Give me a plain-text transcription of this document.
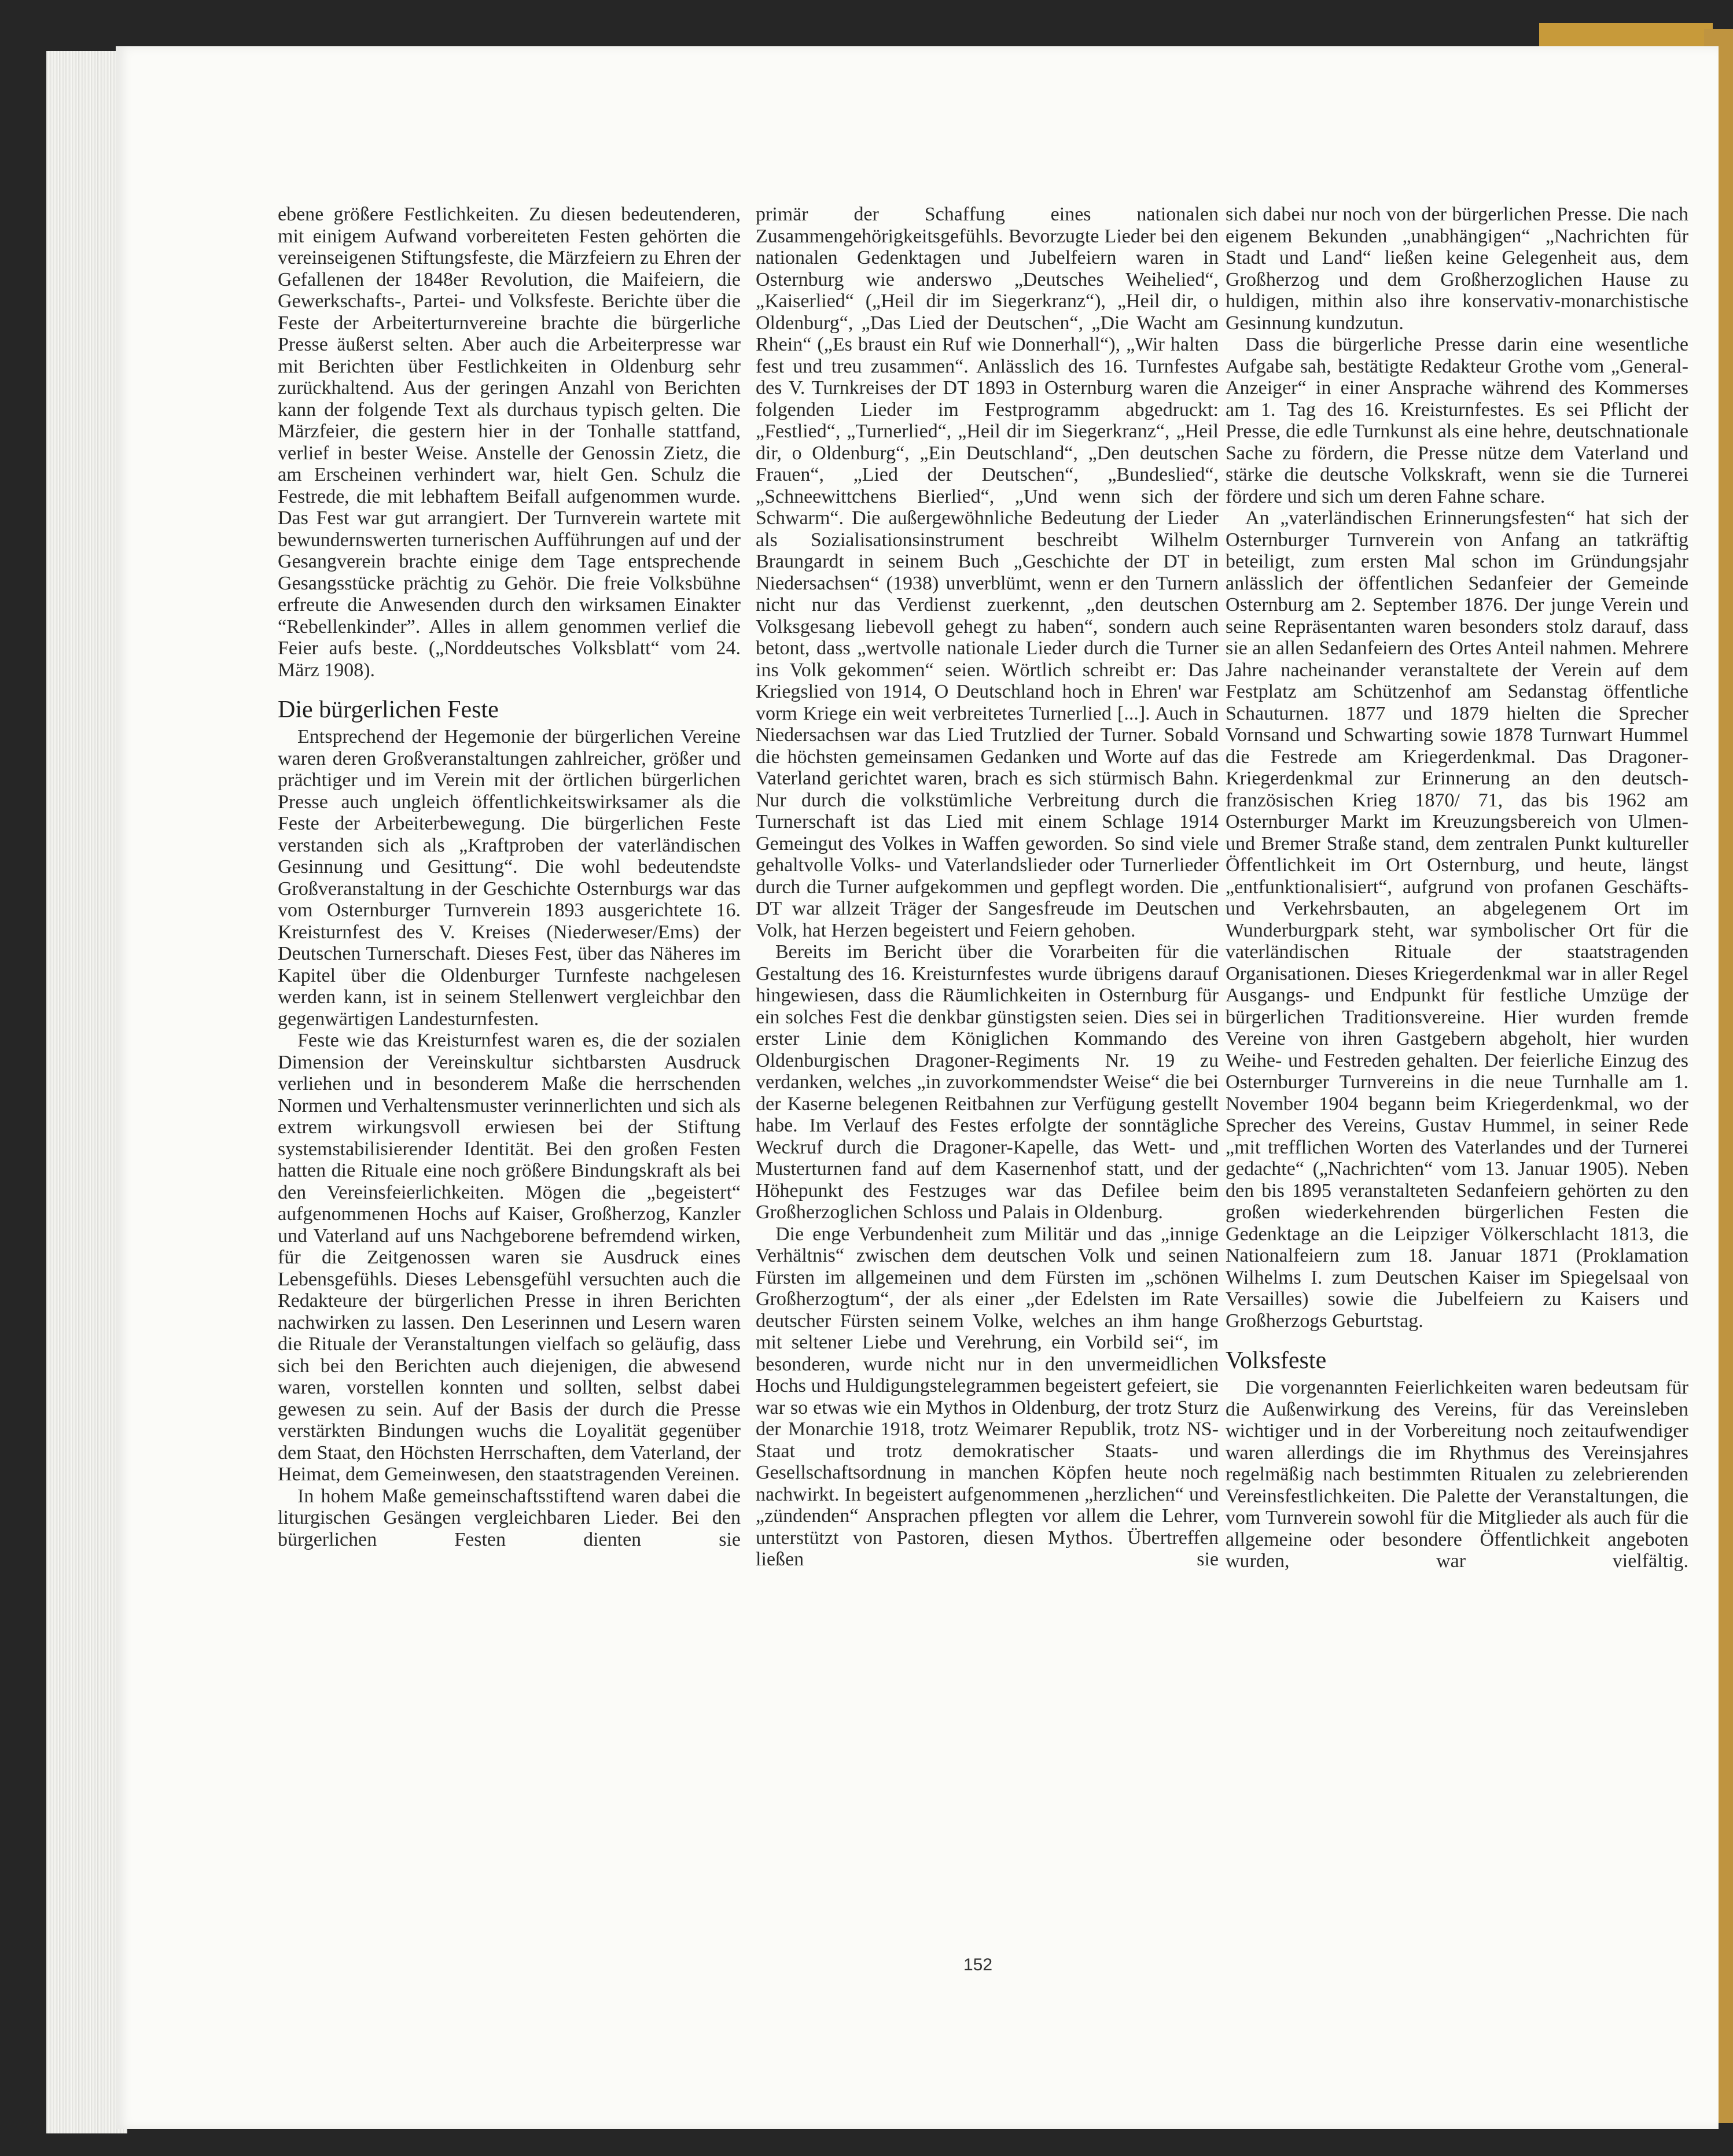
ebene größere Festlichkeiten. Zu diesen bedeutenderen, mit einigem Aufwand vorbereiteten Festen gehörten die vereinseigenen Stiftungsfeste, die Märzfeiern zu Ehren der Gefallenen der 1848er Revolution, die Maifeiern, die Gewerkschafts-, Partei- und Volksfeste. Berichte über die Feste der Arbeiterturnvereine brachte die bürgerliche Presse äußerst selten. Aber auch die Arbeiterpresse war mit Berichten über Festlichkeiten in Oldenburg sehr zurückhaltend. Aus der geringen Anzahl von Berichten kann der folgende Text als durchaus typisch gelten. Die Märzfeier, die gestern hier in der Tonhalle stattfand, verlief in bester Weise. Anstelle der Genossin Zietz, die am Erscheinen verhindert war, hielt Gen. Schulz die Festrede, die mit lebhaftem Beifall aufgenommen wurde. Das Fest war gut arrangiert. Der Turnverein wartete mit bewundernswerten turnerischen Aufführungen auf und der Gesangverein brachte einige dem Tage entsprechende Gesangsstücke prächtig zu Gehör. Die freie Volksbühne erfreute die Anwesenden durch den wirksamen Einakter “Rebellenkinder”. Alles in allem genommen verlief die Feier aufs beste. („Norddeutsches Volksblatt“ vom 24. März 1908).

Die bürgerlichen Feste

Entsprechend der Hegemonie der bürgerlichen Vereine waren deren Großveranstaltungen zahlreicher, größer und prächtiger und im Verein mit der örtlichen bürgerlichen Presse auch ungleich öffentlichkeitswirksamer als die Feste der Arbeiterbewegung. Die bürgerlichen Feste verstanden sich als „Kraftproben der vaterländischen Gesinnung und Gesittung“. Die wohl bedeutendste Großveranstaltung in der Geschichte Osternburgs war das vom Osternburger Turnverein 1893 ausgerichtete 16. Kreisturnfest des V. Kreises (Niederweser/Ems) der Deutschen Turnerschaft. Dieses Fest, über das Näheres im Kapitel über die Oldenburger Turnfeste nachgelesen werden kann, ist in seinem Stellenwert vergleichbar den gegenwärtigen Landesturnfesten.

Feste wie das Kreisturnfest waren es, die der sozialen Dimension der Vereinskultur sichtbarsten Ausdruck verliehen und in besonderem Maße die herrschenden Normen und Verhaltensmuster verinnerlichten und sich als extrem wirkungsvoll erwiesen bei der Stiftung systemstabilisierender Identität. Bei den großen Festen hatten die Rituale eine noch größere Bindungskraft als bei den Vereinsfeierlichkeiten. Mögen die „begeistert“ aufgenommenen Hochs auf Kaiser, Großherzog, Kanzler und Vaterland auf uns Nachgeborene befremdend wirken, für die Zeitgenossen waren sie Ausdruck eines Lebensgefühls. Dieses Lebensgefühl versuchten auch die Redakteure der bürgerlichen Presse in ihren Berichten nachwirken zu lassen. Den Leserinnen und Lesern waren die Rituale der Veranstaltungen vielfach so geläufig, dass sich bei den Berichten auch diejenigen, die abwesend waren, vorstellen konnten und sollten, selbst dabei gewesen zu sein. Auf der Basis der durch die Presse verstärkten Bindungen wuchs die Loyalität gegenüber dem Staat, den Höchsten Herrschaften, dem Vaterland, der Heimat, dem Gemeinwesen, den staatstragenden Vereinen.

In hohem Maße gemeinschaftsstiftend waren dabei die liturgischen Gesängen vergleichbaren Lieder. Bei den bürgerlichen Festen dienten sie

primär der Schaffung eines nationalen Zusammengehörigkeitsgefühls. Bevorzugte Lieder bei den nationalen Gedenktagen und Jubelfeiern waren in Osternburg wie anderswo „Deutsches Weihelied“, „Kaiserlied“ („Heil dir im Siegerkranz“), „Heil dir, o Oldenburg“, „Das Lied der Deutschen“, „Die Wacht am Rhein“ („Es braust ein Ruf wie Donnerhall“), „Wir halten fest und treu zusammen“. Anlässlich des 16. Turnfestes des V. Turnkreises der DT 1893 in Osternburg waren die folgenden Lieder im Festprogramm abgedruckt: „Festlied“, „Turnerlied“, „Heil dir im Siegerkranz“, „Heil dir, o Oldenburg“, „Ein Deutschland“, „Den deutschen Frauen“, „Lied der Deutschen“, „Bundeslied“, „Schneewittchens Bierlied“, „Und wenn sich der Schwarm“. Die außergewöhnliche Bedeutung der Lieder als Sozialisationsinstrument beschreibt Wilhelm Braungardt in seinem Buch „Geschichte der DT in Niedersachsen“ (1938) unverblümt, wenn er den Turnern nicht nur das Verdienst zuerkennt, „den deutschen Volksgesang liebevoll gehegt zu haben“, sondern auch betont, dass „wertvolle nationale Lieder durch die Turner ins Volk gekommen“ seien. Wörtlich schreibt er: Das Kriegslied von 1914, O Deutschland hoch in Ehren' war vorm Kriege ein weit verbreitetes Turnerlied [...]. Auch in Niedersachsen war das Lied Trutzlied der Turner. Sobald die höchsten gemeinsamen Gedanken und Worte auf das Vaterland gerichtet waren, brach es sich stürmisch Bahn. Nur durch die volkstümliche Verbreitung durch die Turnerschaft ist das Lied mit einem Schlage 1914 Gemeingut des Volkes in Waffen geworden. So sind viele gehaltvolle Volks- und Vaterlandslieder oder Turnerlieder durch die Turner aufgekommen und gepflegt worden. Die DT war allzeit Träger der Sangesfreude im Deutschen Volk, hat Herzen begeistert und Feiern gehoben.

Bereits im Bericht über die Vorarbeiten für die Gestaltung des 16. Kreisturnfestes wurde übrigens darauf hingewiesen, dass die Räumlichkeiten in Osternburg für ein solches Fest die denkbar günstigsten seien. Dies sei in erster Linie dem Königlichen Kommando des Oldenburgischen Dragoner-Regiments Nr. 19 zu verdanken, welches „in zuvorkommendster Weise“ die bei der Kaserne belegenen Reitbahnen zur Verfügung gestellt habe. Im Verlauf des Festes erfolgte der sonntägliche Weckruf durch die Dragoner-Kapelle, das Wett- und Musterturnen fand auf dem Kasernenhof statt, und der Höhepunkt des Festzuges war das Defilee beim Großherzoglichen Schloss und Palais in Oldenburg.

Die enge Verbundenheit zum Militär und das „innige Verhältnis“ zwischen dem deutschen Volk und seinen Fürsten im allgemeinen und dem Fürsten im „schönen Großherzogtum“, der als einer „der Edelsten im Rate deutscher Fürsten seinem Volke, welches an ihm hange mit seltener Liebe und Verehrung, ein Vorbild sei“, im besonderen, wurde nicht nur in den unvermeidlichen Hochs und Huldigungstelegrammen begeistert gefeiert, sie war so etwas wie ein Mythos in Oldenburg, der trotz Sturz der Monarchie 1918, trotz Weimarer Republik, trotz NS-Staat und trotz demokratischer Staats- und Gesellschaftsordnung in manchen Köpfen heute noch nachwirkt. In begeistert aufgenommenen „herzlichen“ und „zündenden“ Ansprachen pflegten vor allem die Lehrer, unterstützt von Pastoren, diesen Mythos. Übertreffen ließen sie

sich dabei nur noch von der bürgerlichen Presse. Die nach eigenem Bekunden „unabhängigen“ „Nachrichten für Stadt und Land“ ließen keine Gelegenheit aus, dem Großherzog und dem Großherzoglichen Hause zu huldigen, mithin also ihre konservativ-monarchistische Gesinnung kundzutun.

Dass die bürgerliche Presse darin eine wesentliche Aufgabe sah, bestätigte Redakteur Grothe vom „General-Anzeiger“ in einer Ansprache während des Kommerses am 1. Tag des 16. Kreisturnfestes. Es sei Pflicht der Presse, die edle Turnkunst als eine hehre, deutschnationale Sache zu fördern, die Presse nütze dem Vaterland und stärke die deutsche Volkskraft, wenn sie die Turnerei fördere und sich um deren Fahne schare.

An „vaterländischen Erinnerungsfesten“ hat sich der Osternburger Turnverein von Anfang an tatkräftig beteiligt, zum ersten Mal schon im Gründungsjahr anlässlich der öffentlichen Sedanfeier der Gemeinde Osternburg am 2. September 1876. Der junge Verein und seine Repräsentanten waren besonders stolz darauf, dass sie an allen Sedanfeiern des Ortes Anteil nahmen. Mehrere Jahre nacheinander veranstaltete der Verein auf dem Festplatz am Schützenhof am Sedanstag öffentliche Schauturnen. 1877 und 1879 hielten die Sprecher Vornsand und Schwarting sowie 1878 Turnwart Hummel die Festrede am Kriegerdenkmal. Das Dragoner-Kriegerdenkmal zur Erinnerung an den deutsch-französischen Krieg 1870/ 71, das bis 1962 am Osternburger Markt im Kreuzungsbereich von Ulmen- und Bremer Straße stand, dem zentralen Punkt kultureller Öffentlichkeit im Ort Osternburg, und heute, längst „entfunktionalisiert“, aufgrund von profanen Geschäfts- und Verkehrsbauten, an abgelegenem Ort im Wunderburgpark steht, war symbolischer Ort für die vaterländischen Rituale der staatstragenden Organisationen. Dieses Kriegerdenkmal war in aller Regel Ausgangs- und Endpunkt für festliche Umzüge der bürgerlichen Traditionsvereine. Hier wurden fremde Vereine von ihren Gastgebern abgeholt, hier wurden Weihe- und Festreden gehalten. Der feierliche Einzug des Osternburger Turnvereins in die neue Turnhalle am 1. November 1904 begann beim Kriegerdenkmal, wo der Sprecher des Vereins, Gustav Hummel, in seiner Rede „mit trefflichen Worten des Vaterlandes und der Turnerei gedachte“ („Nachrichten“ vom 13. Januar 1905). Neben den bis 1895 veranstalteten Sedanfeiern gehörten zu den großen wiederkehrenden bürgerlichen Festen die Gedenktage an die Leipziger Völkerschlacht 1813, die Nationalfeiern zum 18. Januar 1871 (Proklamation Wilhelms I. zum Deutschen Kaiser im Spiegelsaal von Versailles) sowie die Jubelfeiern zu Kaisers und Großherzogs Geburtstag.

Volksfeste

Die vorgenannten Feierlichkeiten waren bedeutsam für die Außenwirkung des Vereins, für das Vereinsleben wichtiger und in der Vorbereitung noch zeitaufwendiger waren allerdings die im Rhythmus des Vereinsjahres regelmäßig nach bestimmten Ritualen zu zelebrierenden Vereinsfestlichkeiten. Die Palette der Veranstaltungen, die vom Turnverein sowohl für die Mitglieder als auch für die allgemeine oder besondere Öffentlichkeit angeboten wurden, war vielfältig.

152
